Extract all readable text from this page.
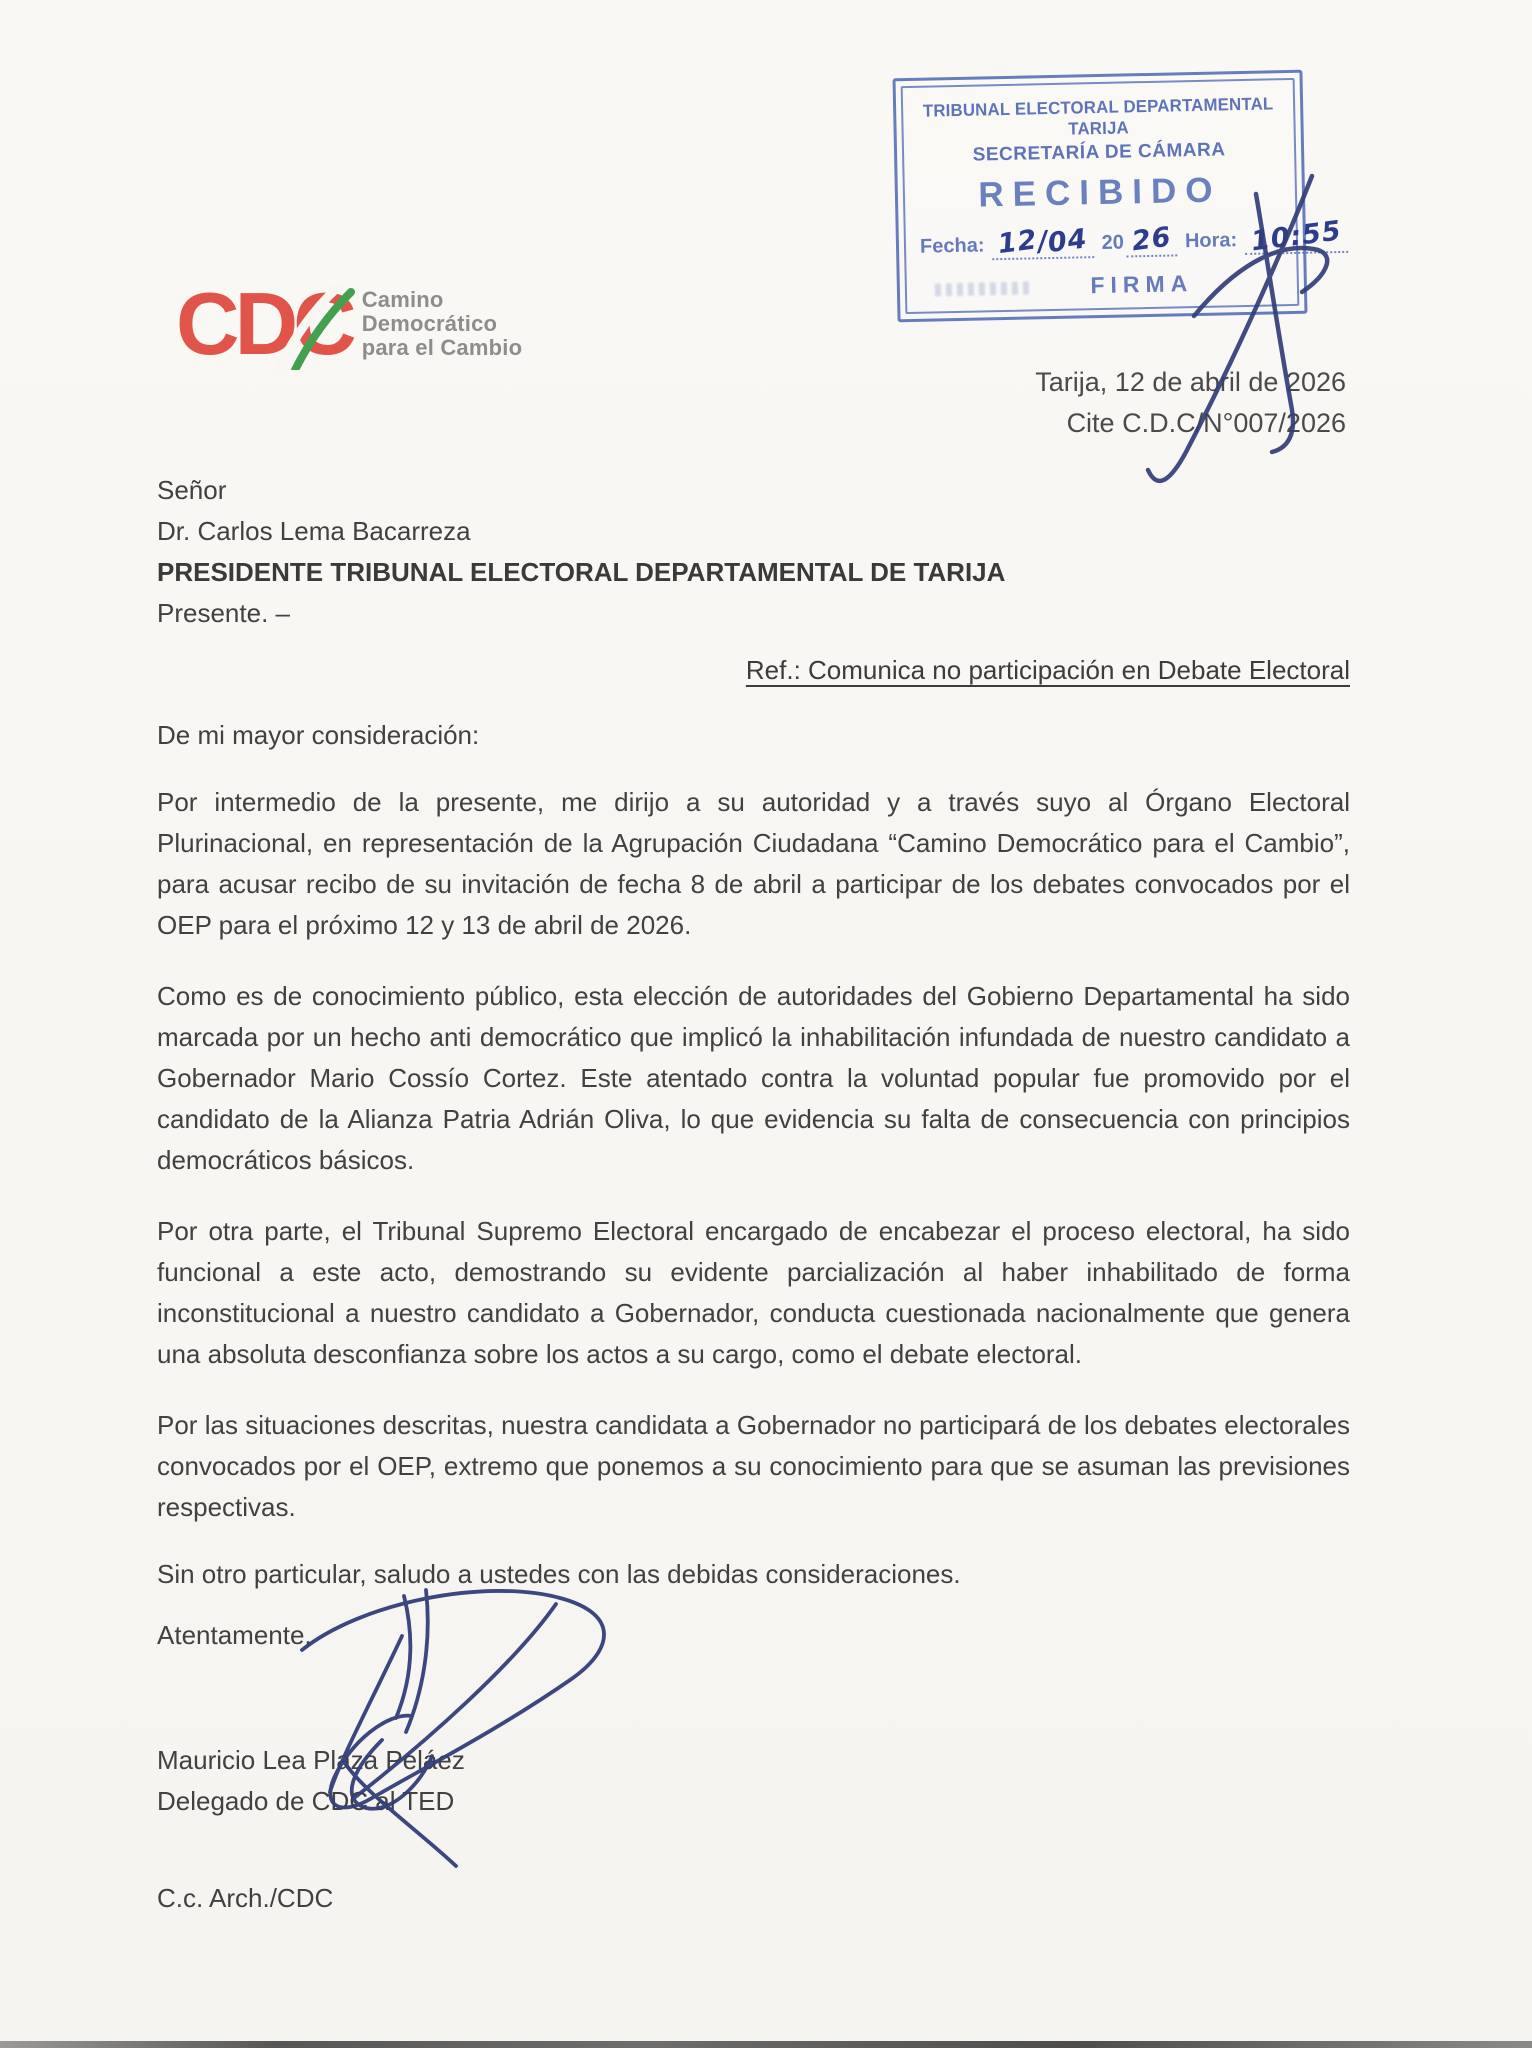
TRIBUNAL ELECTORAL DEPARTAMENTAL TARIJA
SECRETARÍA DE CÁMARA
RECIBIDO
Fecha: 12/04 20 26 Hora: 10:55
FIRMA
CDC Camino
Democrático
para el Cambio
Tarija, 12 de abril de 2026
Cite C.D.C/N°007/2026
Señor
Dr. Carlos Lema Bacarreza
PRESIDENTE TRIBUNAL ELECTORAL DEPARTAMENTAL DE TARIJA
Presente. –
Ref.: Comunica no participación en Debate Electoral
De mi mayor consideración:
Por intermedio de la presente, me dirijo a su autoridad y a través suyo al Órgano Electoral Plurinacional, en representación de la Agrupación Ciudadana “Camino Democrático para el Cambio”, para acusar recibo de su invitación de fecha 8 de abril a participar de los debates convocados por el OEP para el próximo 12 y 13 de abril de 2026.
Como es de conocimiento público, esta elección de autoridades del Gobierno Departamental ha sido marcada por un hecho anti democrático que implicó la inhabilitación infundada de nuestro candidato a Gobernador Mario Cossío Cortez. Este atentado contra la voluntad popular fue promovido por el candidato de la Alianza Patria Adrián Oliva, lo que evidencia su falta de consecuencia con principios democráticos básicos.
Por otra parte, el Tribunal Supremo Electoral encargado de encabezar el proceso electoral, ha sido funcional a este acto, demostrando su evidente parcialización al haber inhabilitado de forma inconstitucional a nuestro candidato a Gobernador, conducta cuestionada nacionalmente que genera una absoluta desconfianza sobre los actos a su cargo, como el debate electoral.
Por las situaciones descritas, nuestra candidata a Gobernador no participará de los debates electorales convocados por el OEP, extremo que ponemos a su conocimiento para que se asuman las previsiones respectivas.
Sin otro particular, saludo a ustedes con las debidas consideraciones.
Atentamente,
Mauricio Lea Plaza Peláez
Delegado de CDC al TED
C.c. Arch./CDC
